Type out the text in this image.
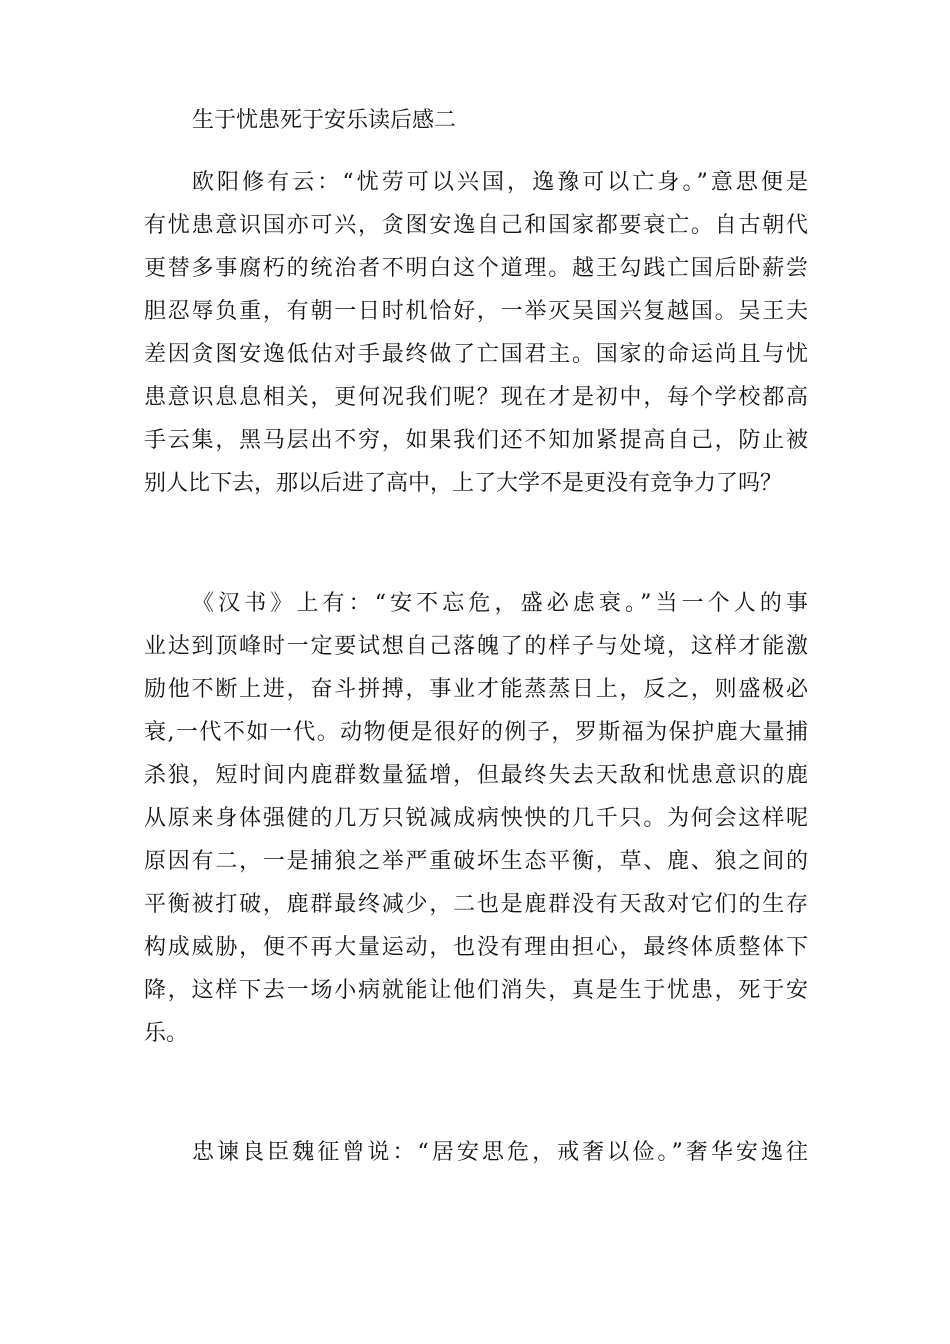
生于忧患死于安乐读后感二

欧阳修有云：“忧劳可以兴国，逸豫可以亡身。”意思便是
有忧患意识国亦可兴，贪图安逸自己和国家都要衰亡。自古朝代
更替多事腐朽的统治者不明白这个道理。越王勾践亡国后卧薪尝
胆忍辱负重，有朝一日时机恰好，一举灭吴国兴复越国。吴王夫
差因贪图安逸低估对手最终做了亡国君主。国家的命运尚且与忧
患意识息息相关，更何况我们呢？现在才是初中，每个学校都高
手云集，黑马层出不穷，如果我们还不知加紧提高自己，防止被
别人比下去，那以后进了高中，上了大学不是更没有竞争力了吗？

《汉书》上有：“安不忘危，盛必虑衰。”当一个人的事
业达到顶峰时一定要试想自己落魄了的样子与处境，这样才能激
励他不断上进，奋斗拼搏，事业才能蒸蒸日上，反之，则盛极必
衰,一代不如一代。动物便是很好的例子，罗斯福为保护鹿大量捕
杀狼，短时间内鹿群数量猛增，但最终失去天敌和忧患意识的鹿
从原来身体强健的几万只锐减成病怏怏的几千只。为何会这样呢
原因有二，一是捕狼之举严重破坏生态平衡，草、鹿、狼之间的
平衡被打破，鹿群最终减少，二也是鹿群没有天敌对它们的生存
构成威胁，便不再大量运动，也没有理由担心，最终体质整体下
降，这样下去一场小病就能让他们消失，真是生于忧患，死于安
乐。

忠谏良臣魏征曾说：“居安思危，戒奢以俭。”奢华安逸往
